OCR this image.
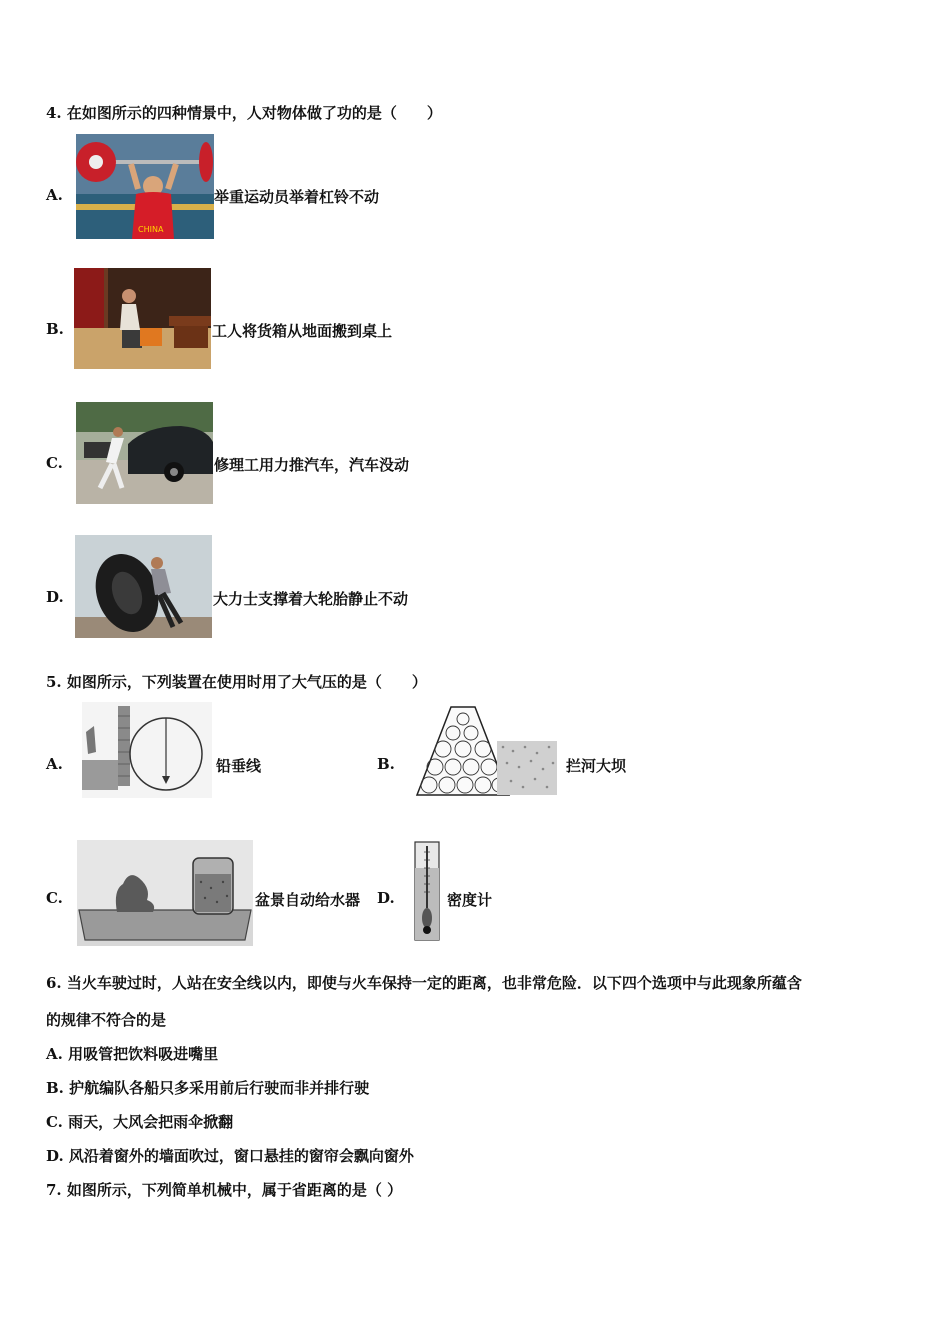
4. 在如图所示的四种情景中，人对物体做了功的是（　　）
A.
CHINA
举重运动员举着杠铃不动
B.	工人将货箱从地面搬到桌上
C.	修理工用力推汽车，汽车没动
D.	大力士支撑着大轮胎静止不动
5. 如图所示，下列装置在使用时用了大气压的是（　　）
A.	铅垂线	B.	拦河大坝
C.	盆景自动给水器 D.	密度计
6. 当火车驶过时，人站在安全线以内，即使与火车保持一定的距离，也非常危险．以下四个选项中与此现象所蕴含
的规律不符合的是
A. 用吸管把饮料吸进嘴里
B. 护航编队各船只多采用前后行驶而非并排行驶
C. 雨天，大风会把雨伞掀翻
D. 风沿着窗外的墙面吹过，窗口悬挂的窗帘会飘向窗外
7. 如图所示，下列简单机械中，属于省距离的是（ ）
